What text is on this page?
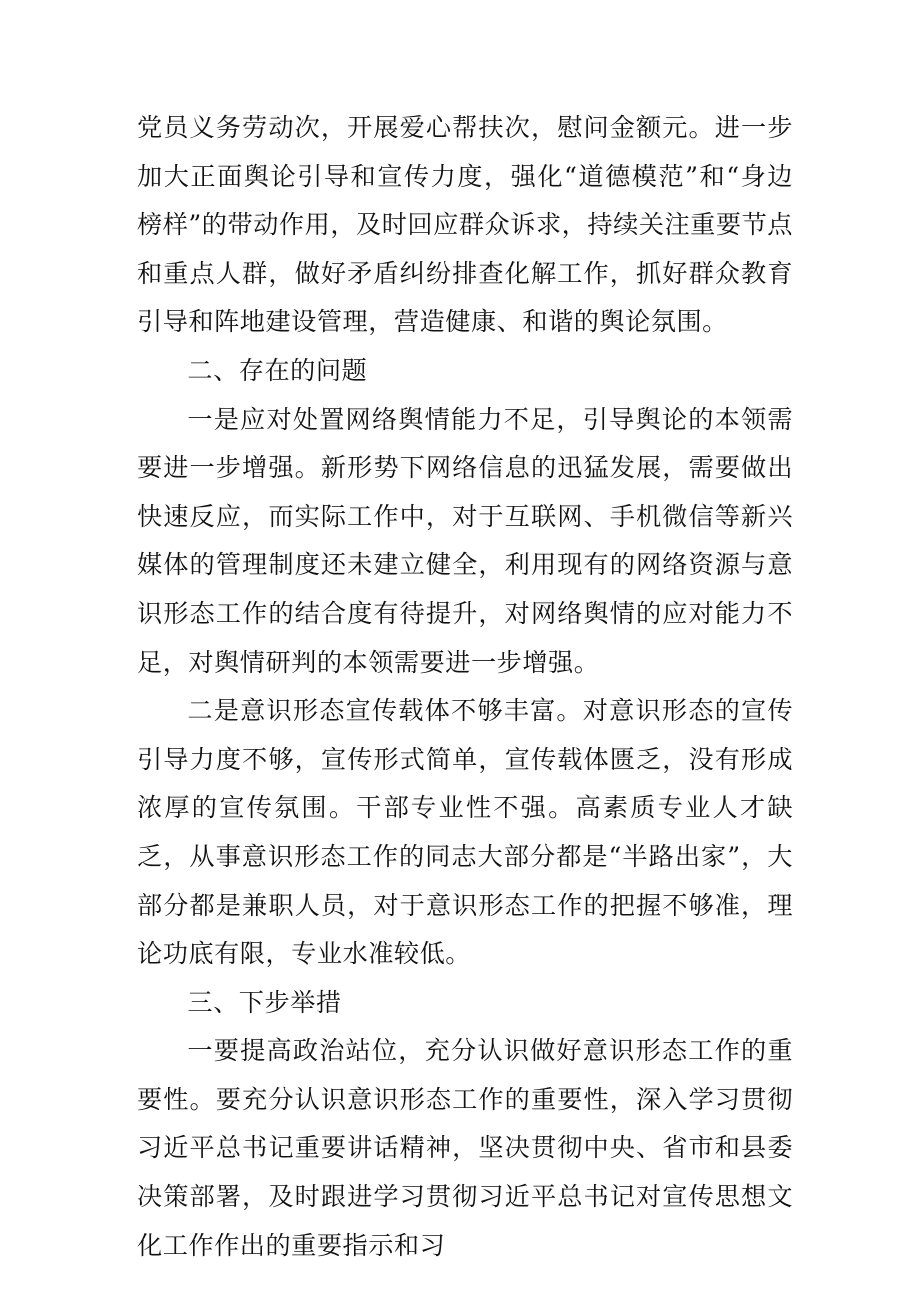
党员义务劳动次，开展爱心帮扶次，慰问金额元。进一步加大正面舆论引导和宣传力度，强化“道德模范”和“身边榜样”的带动作用，及时回应群众诉求，持续关注重要节点和重点人群，做好矛盾纠纷排查化解工作，抓好群众教育引导和阵地建设管理，营造健康、和谐的舆论氛围。

二、存在的问题

一是应对处置网络舆情能力不足，引导舆论的本领需要进一步增强。新形势下网络信息的迅猛发展，需要做出快速反应，而实际工作中，对于互联网、手机微信等新兴媒体的管理制度还未建立健全，利用现有的网络资源与意识形态工作的结合度有待提升，对网络舆情的应对能力不足，对舆情研判的本领需要进一步增强。

二是意识形态宣传载体不够丰富。对意识形态的宣传引导力度不够，宣传形式简单，宣传载体匮乏，没有形成浓厚的宣传氛围。干部专业性不强。高素质专业人才缺乏，从事意识形态工作的同志大部分都是“半路出家”，大部分都是兼职人员，对于意识形态工作的把握不够准，理论功底有限，专业水准较低。

三、下步举措

一要提高政治站位，充分认识做好意识形态工作的重要性。要充分认识意识形态工作的重要性，深入学习贯彻习近平总书记重要讲话精神，坚决贯彻中央、省市和县委决策部署，及时跟进学习贯彻习近平总书记对宣传思想文化工作作出的重要指示和习
